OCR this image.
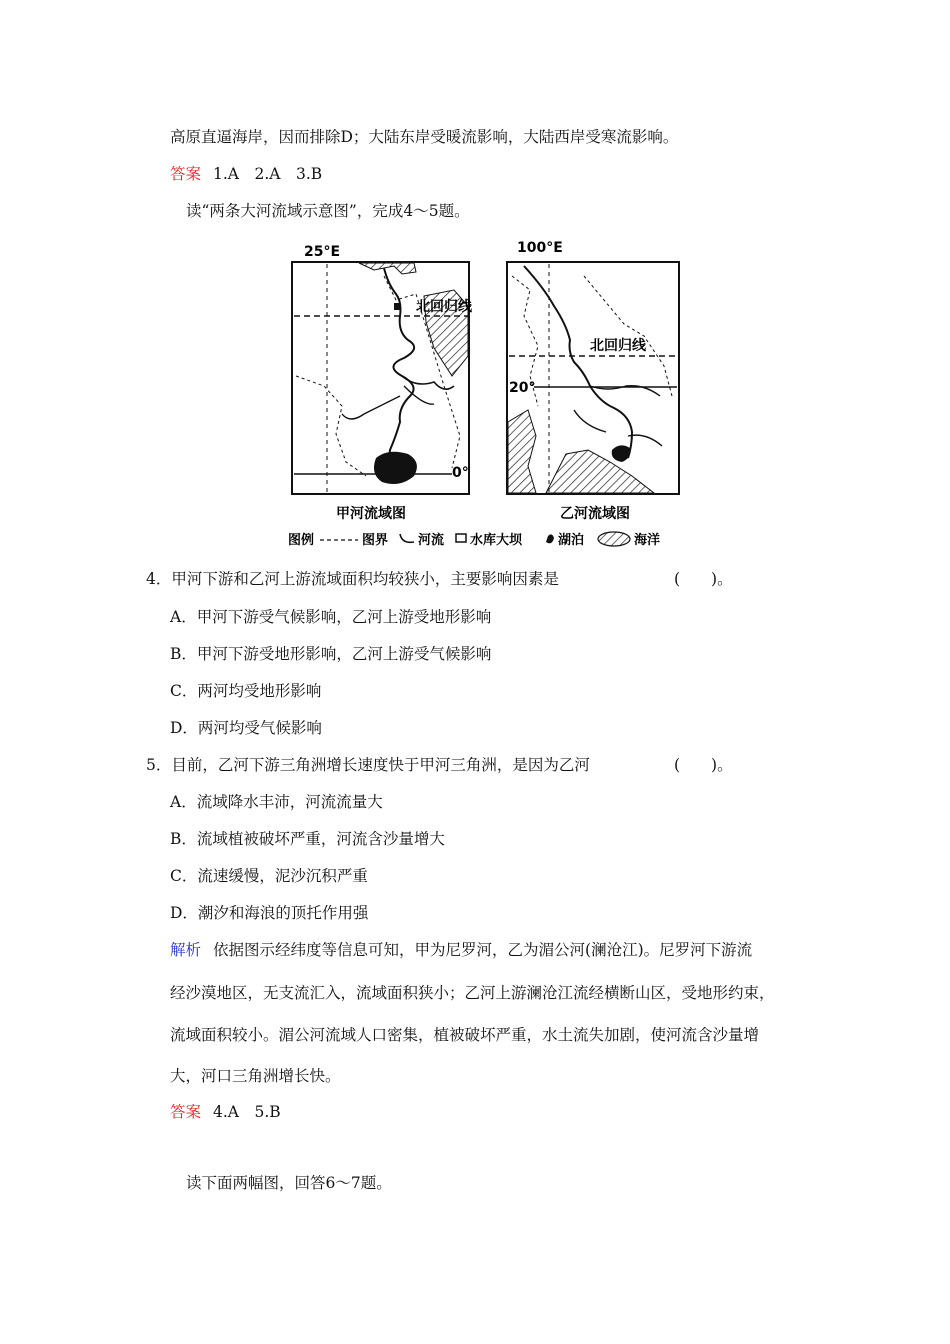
高原直逼海岸，因而排除D；大陆东岸受暖流影响，大陆西岸受寒流影响。
答案 1.A　2.A　3.B
读“两条大河流域示意图”，完成4～5题。
25°E
北回归线
0°
甲河流域图
100°E
北回归线
20°
乙河流域图
图例	图界 河流 水库大坝	湖泊	海洋
4．甲河下游和乙河上游流域面积均较狭小，主要影响因素是	(　　)。
A．甲河下游受气候影响，乙河上游受地形影响
B．甲河下游受地形影响，乙河上游受气候影响
C．两河均受地形影响
D．两河均受气候影响
5．目前，乙河下游三角洲增长速度快于甲河三角洲，是因为乙河	(　　)。
A．流域降水丰沛，河流流量大
B．流域植被破坏严重，河流含沙量增大
C．流速缓慢，泥沙沉积严重
D．潮汐和海浪的顶托作用强
解析 依据图示经纬度等信息可知，甲为尼罗河，乙为湄公河(澜沧江)。尼罗河下游流
经沙漠地区，无支流汇入，流域面积狭小；乙河上游澜沧江流经横断山区，受地形约束，
流域面积较小。湄公河流域人口密集，植被破坏严重，水土流失加剧，使河流含沙量增
大，河口三角洲增长快。
答案 4.A　5.B
读下面两幅图，回答6～7题。
